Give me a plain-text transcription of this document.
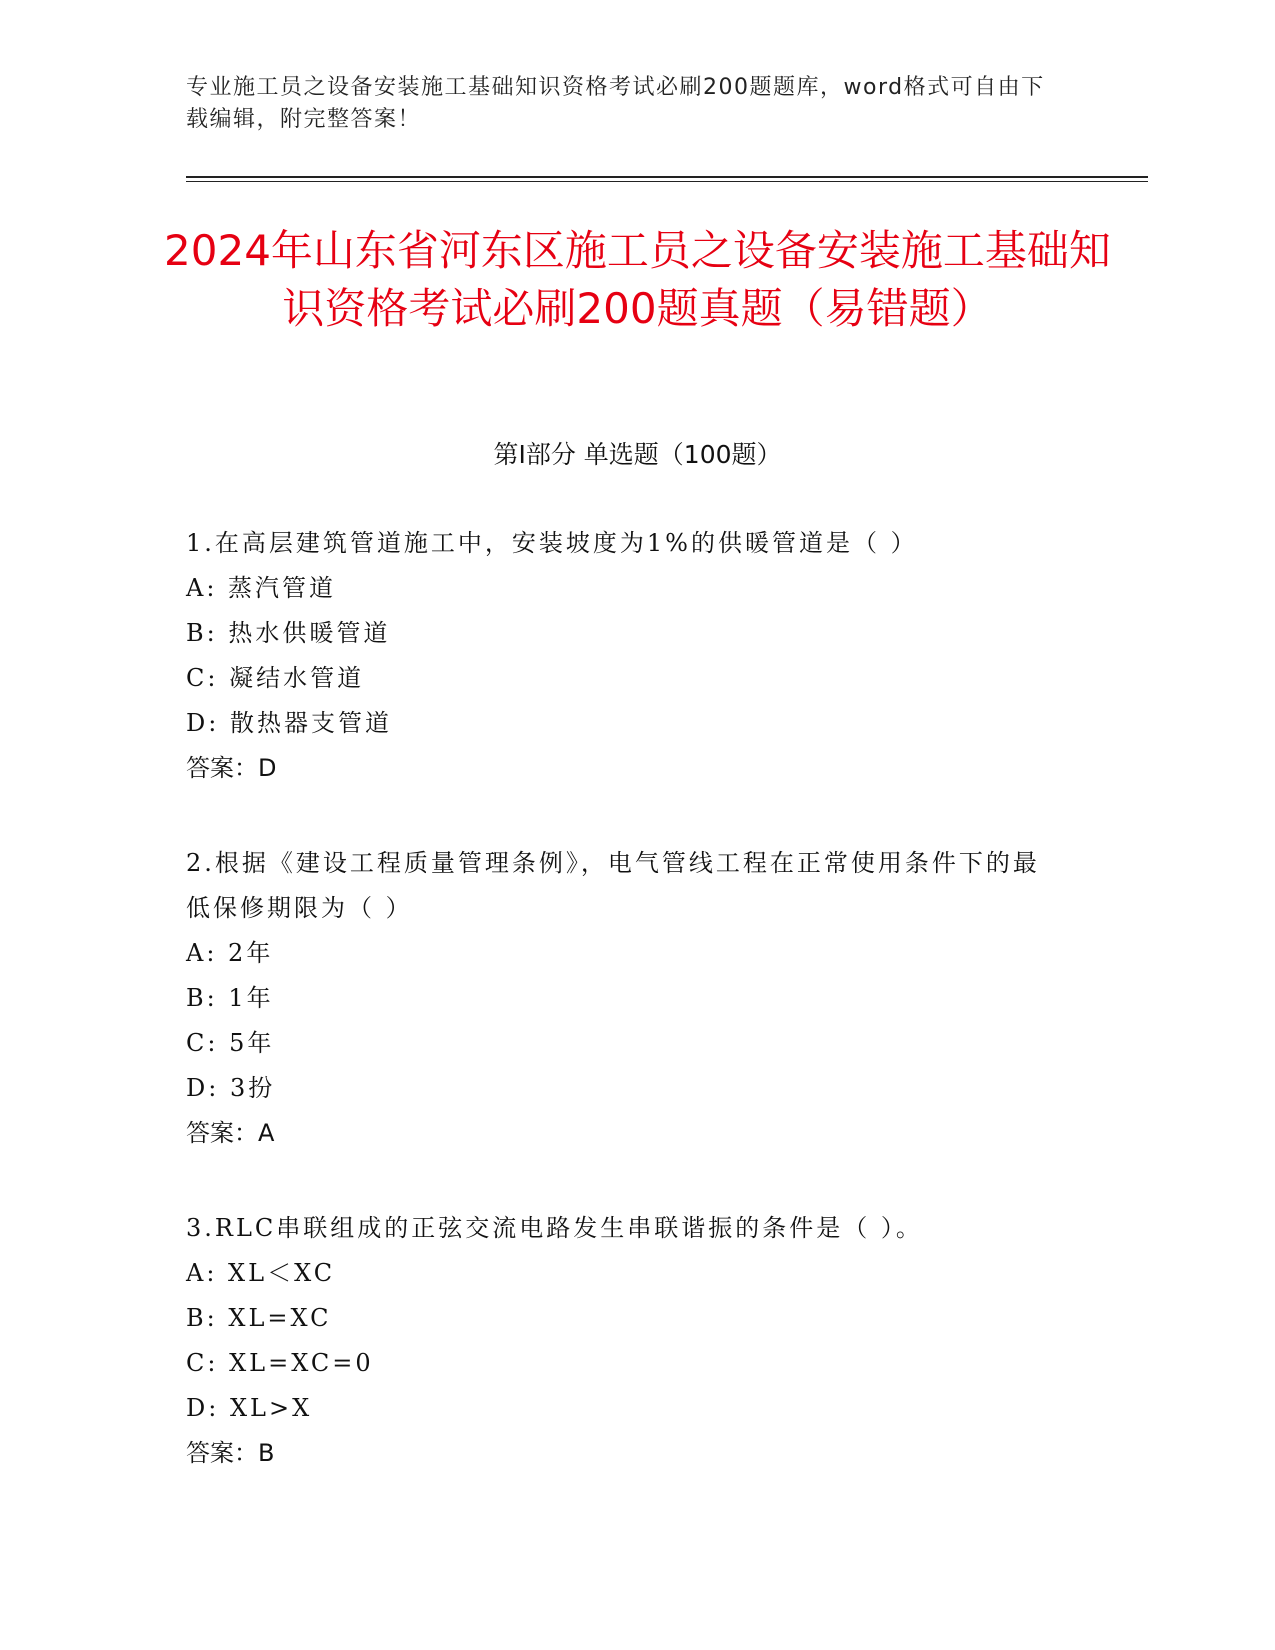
专业施工员之设备安装施工基础知识资格考试必刷200题题库，word格式可自由下载编辑，附完整答案！
2024年山东省河东区施工员之设备安装施工基础知识资格考试必刷200题真题（易错题）
第I部分 单选题（100题）

1.在高层建筑管道施工中，安装坡度为1%的供暖管道是（ ）

A: 蒸汽管道

B: 热水供暖管道

C: 凝结水管道

D: 散热器支管道

答案：D

2.根据《建设工程质量管理条例》，电气管线工程在正常使用条件下的最低保修期限为（ ）

A: 2年

B: 1年

C: 5年

D: 3扮

答案：A

3.RLC串联组成的正弦交流电路发生串联谐振的条件是（ ）。

A: XL＜XC

B: XL=XC

C: XL=XC=0

D: XL>X

答案：B
